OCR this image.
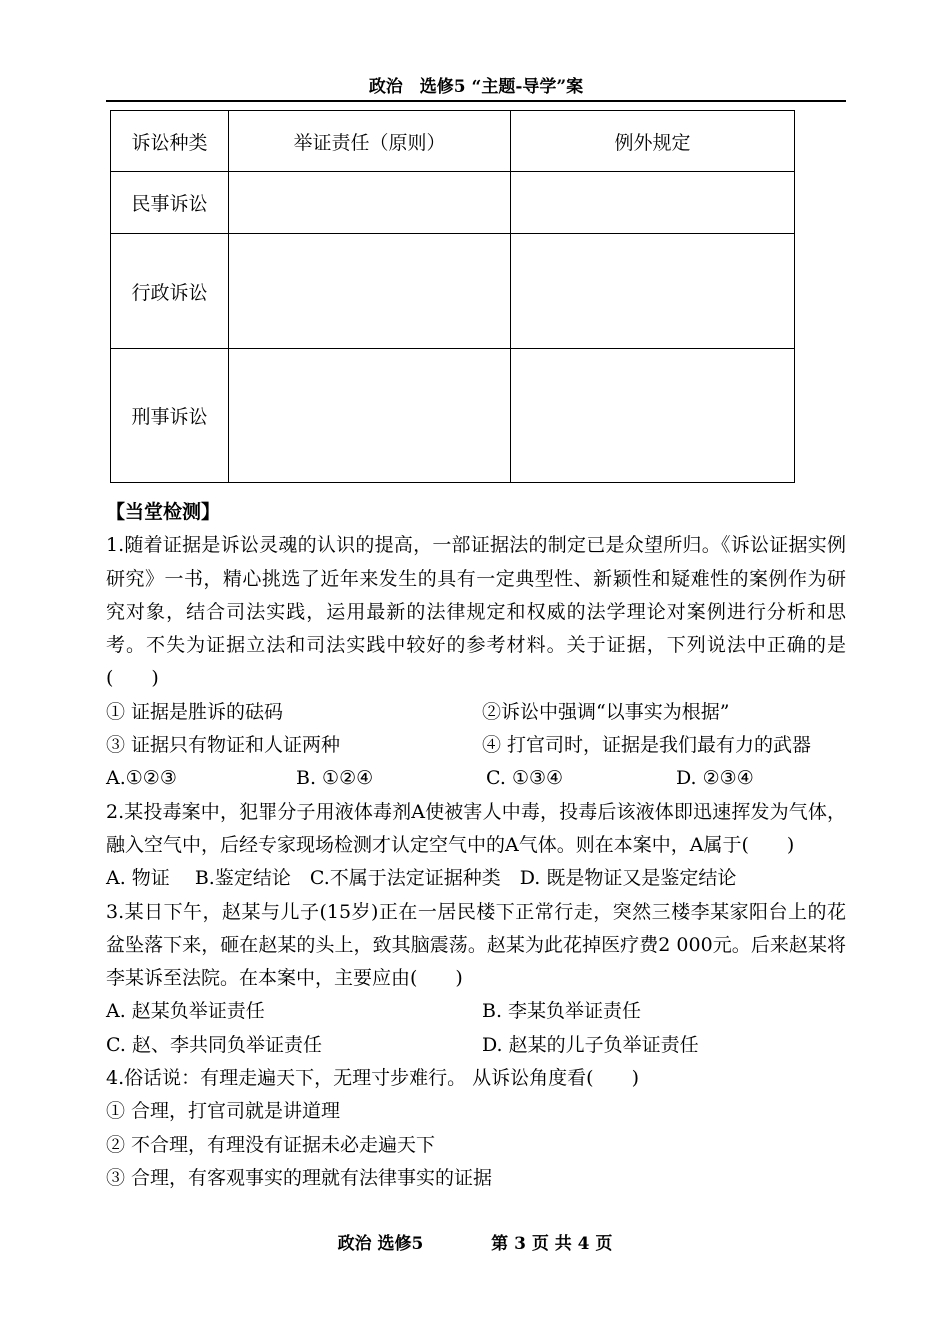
政治　选修5 “主题-导学”案
诉讼种类	举证责任（原则）	例外规定
民事诉讼		
行政诉讼		
刑事诉讼		
【当堂检测】
1.随着证据是诉讼灵魂的认识的提高，一部证据法的制定已是众望所归。《诉讼证据实例研究》一书，精心挑选了近年来发生的具有一定典型性、新颖性和疑难性的案例作为研究对象，结合司法实践，运用最新的法律规定和权威的法学理论对案例进行分析和思考。不失为证据立法和司法实践中较好的参考材料。关于证据，下列说法中正确的是(　　)
① 证据是胜诉的砝码	②诉讼中强调“以事实为根据”
③ 证据只有物证和人证两种	④ 打官司时，证据是我们最有力的武器
A.①②③	B. ①②④	C. ①③④	D. ②③④
2.某投毒案中，犯罪分子用液体毒剂A使被害人中毒，投毒后该液体即迅速挥发为气体，融入空气中，后经专家现场检测才认定空气中的A气体。则在本案中，A属于(　　)
A. 物证　 B.鉴定结论　C.不属于法定证据种类　D. 既是物证又是鉴定结论
3.某日下午，赵某与儿子(15岁)正在一居民楼下正常行走，突然三楼李某家阳台上的花盆坠落下来，砸在赵某的头上，致其脑震荡。赵某为此花掉医疗费2 000元。后来赵某将李某诉至法院。在本案中，主要应由(　　)
A. 赵某负举证责任	B. 李某负举证责任
C. 赵、李共同负举证责任	D. 赵某的儿子负举证责任
4.俗话说：有理走遍天下，无理寸步难行。 从诉讼角度看(　　)
① 合理，打官司就是讲道理
② 不合理，有理没有证据未必走遍天下
③ 合理，有客观事实的理就有法律事实的证据
政治 选修5	第 3 页 共 4 页
